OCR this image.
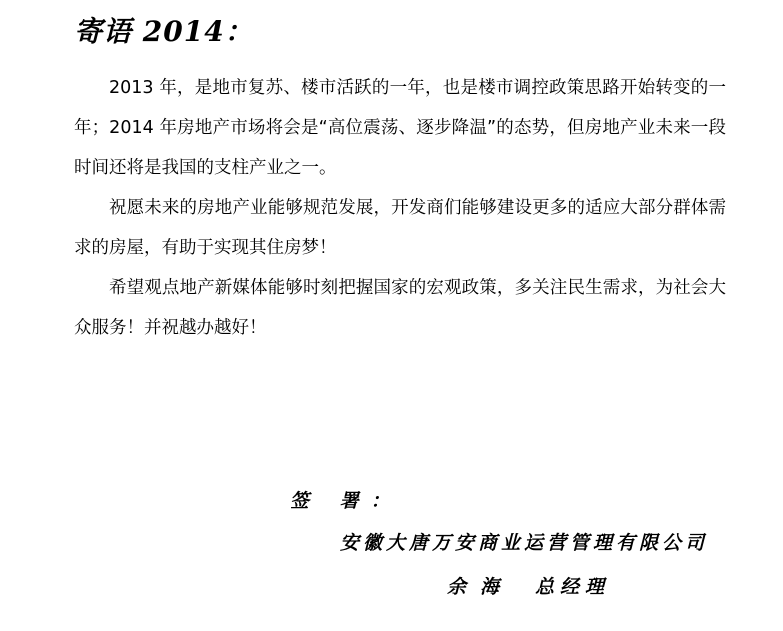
寄语 2014：

2013 年，是地市复苏、楼市活跃的一年，也是楼市调控政策思路开始转变的一年；2014 年房地产市场将会是“高位震荡、逐步降温”的态势，但房地产业未来一段时间还将是我国的支柱产业之一。

祝愿未来的房地产业能够规范发展，开发商们能够建设更多的适应大部分群体需求的房屋，有助于实现其住房梦！

希望观点地产新媒体能够时刻把握国家的宏观政策，多关注民生需求，为社会大众服务！并祝越办越好！

签 署：
安徽大唐万安商业运营管理有限公司
余海 总经理
